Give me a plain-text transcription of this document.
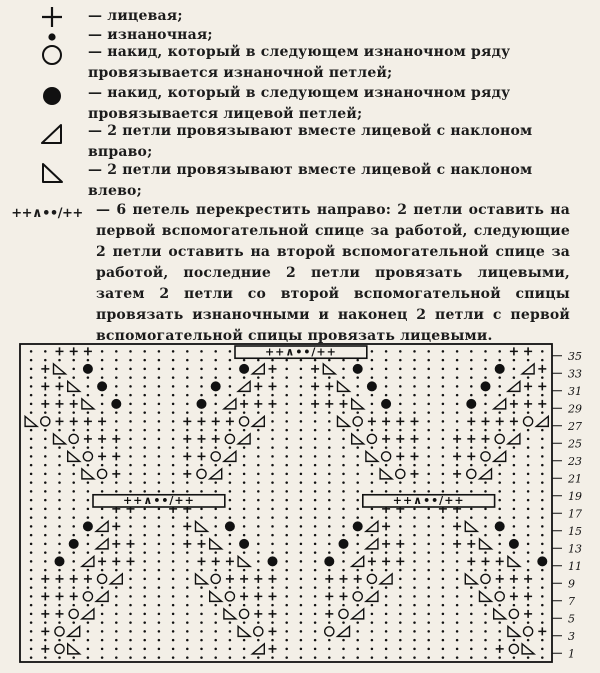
— лицевая;
— изнаночная;
— накид, который в следующем изнаночном ряду провязывается изнаночной петлей;
— накид, который в следующем изнаночном ряду провязывается лицевой петлей;
— 2 петли провязывают вместе лицевой с наклоном вправо;
— 2 петли провязывают вместе лицевой с наклоном влево;
++∧••∕++ — 6 петель перекрестить направо: 2 петли оставить на первой вспомогательной спице за работой, следующие 2 петли оставить на второй вспомогательной спице за работой, последние 2 петли провязать лицевыми, затем 2 петли со второй вспомогательной спицы провязать изнаночными и наконец 2 петли с первой вспомогательной спицы провязать лицевыми.
++∧••∕++
++∧••∕++	++∧••∕++
35
33
31
29
27
25
23
21
19
17
15
13
11
9
7
5
3
1
